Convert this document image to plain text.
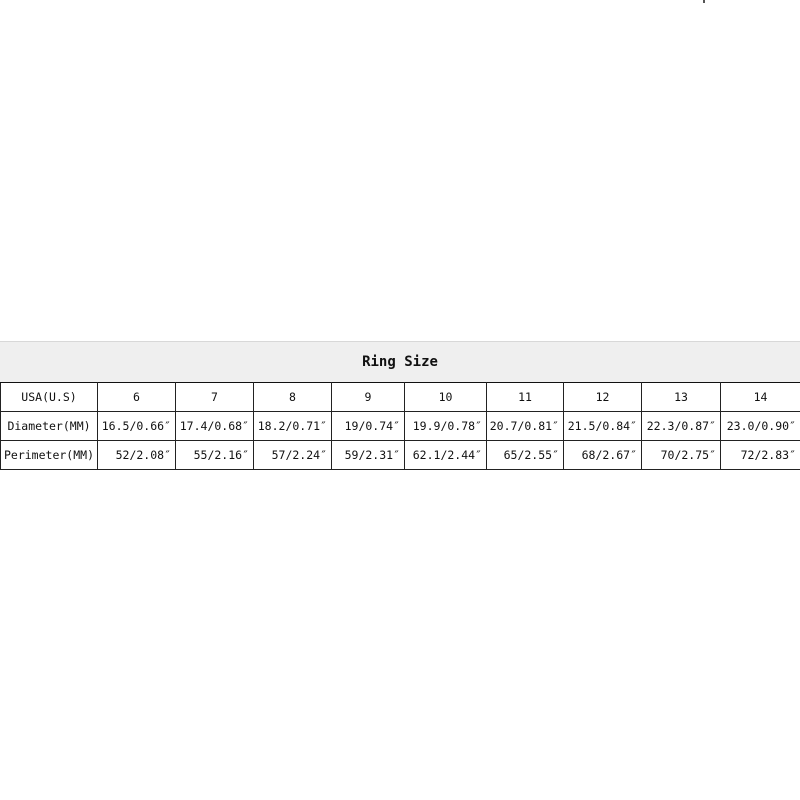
Ring Size
USA(U.S)	6	7	8	9	10	11	12	13	14
Diameter(MM)	16.5/0.66″	17.4/0.68″	18.2/0.71″	19/0.74″	19.9/0.78″	20.7/0.81″	21.5/0.84″	22.3/0.87″	23.0/0.90″
Perimeter(MM)	52/2.08″	55/2.16″	57/2.24″	59/2.31″	62.1/2.44″	65/2.55″	68/2.67″	70/2.75″	72/2.83″
